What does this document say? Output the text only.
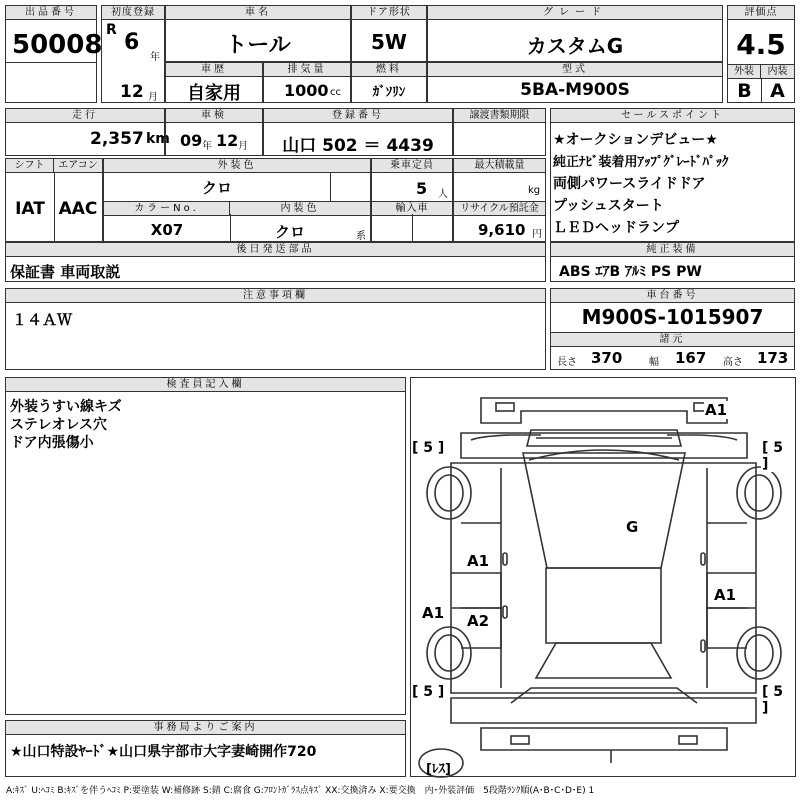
出品番号
50008
初度登録
R 6
年
12 月
車名
トール
ドア形状
5W
グレード
カスタムG
車歴
自家用
排気量
1000 cc
燃料
ｶﾞｿﾘﾝ
型式
5BA-M900S
評価点
4.5
外装	内装
B A
走行
2,357 km
車検
09 年 12 月
登録番号
山口 502 ＝ 4439
譲渡書類期限
シフト	エアコン
IAT AAC
外装色
クロ
カラーNo.	内装色
X07	クロ	系
乗車定員
5 人
輸入車
最大積載量
kg
リサイクル預託金
9,610 円
後日発送部品
保証書 車両取説
セールスポイント
★オークションデビュー★
純正ﾅﾋﾞ装着用ｱｯﾌﾟｸﾞﾚｰﾄﾞﾊﾟｯｸ
両側パワースライドドア
プッシュスタート
ＬＥＤヘッドランプ
純正装備
ABS ｴｱB ｱﾙﾐ PS PW
注意事項欄
１４ＡＷ
車台番号
M900S-1015907
諸元
長さ 370	幅 167 高さ 173
検査員記入欄
外装うすい線キズ
ステレオレス穴
ドア内張傷小
事務局よりご案内
★山口特設ﾔｰﾄﾞ★山口県宇部市大字妻崎開作720
A1
G
A1
A2
A1
A1
[ 5 ]	[ 5 ]
[ 5 ]	[ 5 ]
[ﾚｽ]
A:ｷｽﾞ U:ﾍｺﾐ B:ｷｽﾞを伴うﾍｺﾐ P:要塗装 W:補修跡 S:錆 C:腐食 G:ﾌﾛﾝﾄｶﾞﾗｽ点ｷｽﾞ XX:交換済み X:要交換　内･外装評価　5段階ﾗﾝｸ順(A･B･C･D･E) 1
